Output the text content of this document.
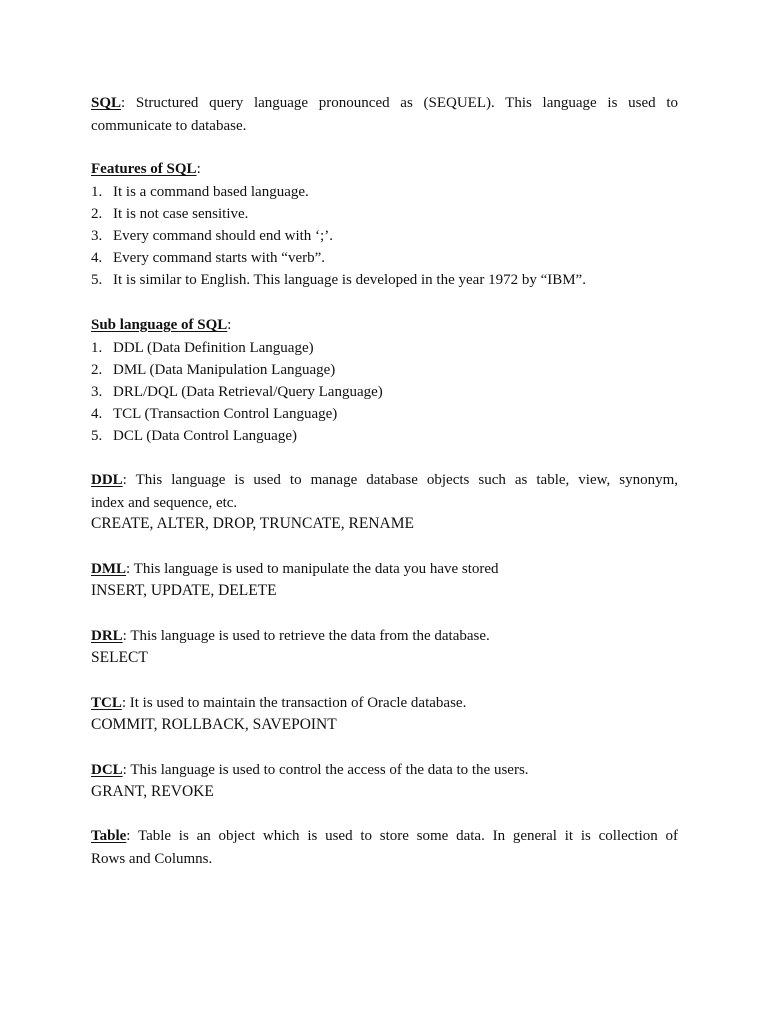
SQL: Structured query language pronounced as (SEQUEL). This language is used to
communicate to database.
Features of SQL:
1. It is a command based language.
2. It is not case sensitive.
3. Every command should end with ‘;’.
4. Every command starts with “verb”.
5. It is similar to English. This language is developed in the year 1972 by “IBM”.
Sub language of SQL:
1. DDL (Data Definition Language)
2. DML (Data Manipulation Language)
3. DRL/DQL (Data Retrieval/Query Language)
4. TCL (Transaction Control Language)
5. DCL (Data Control Language)
DDL: This language is used to manage database objects such as table, view, synonym,
index and sequence, etc.
CREATE, ALTER, DROP, TRUNCATE, RENAME
DML: This language is used to manipulate the data you have stored
INSERT, UPDATE, DELETE
DRL: This language is used to retrieve the data from the database.
SELECT
TCL: It is used to maintain the transaction of Oracle database.
COMMIT, ROLLBACK, SAVEPOINT
DCL: This language is used to control the access of the data to the users.
GRANT, REVOKE
Table: Table is an object which is used to store some data. In general it is collection of
Rows and Columns.
